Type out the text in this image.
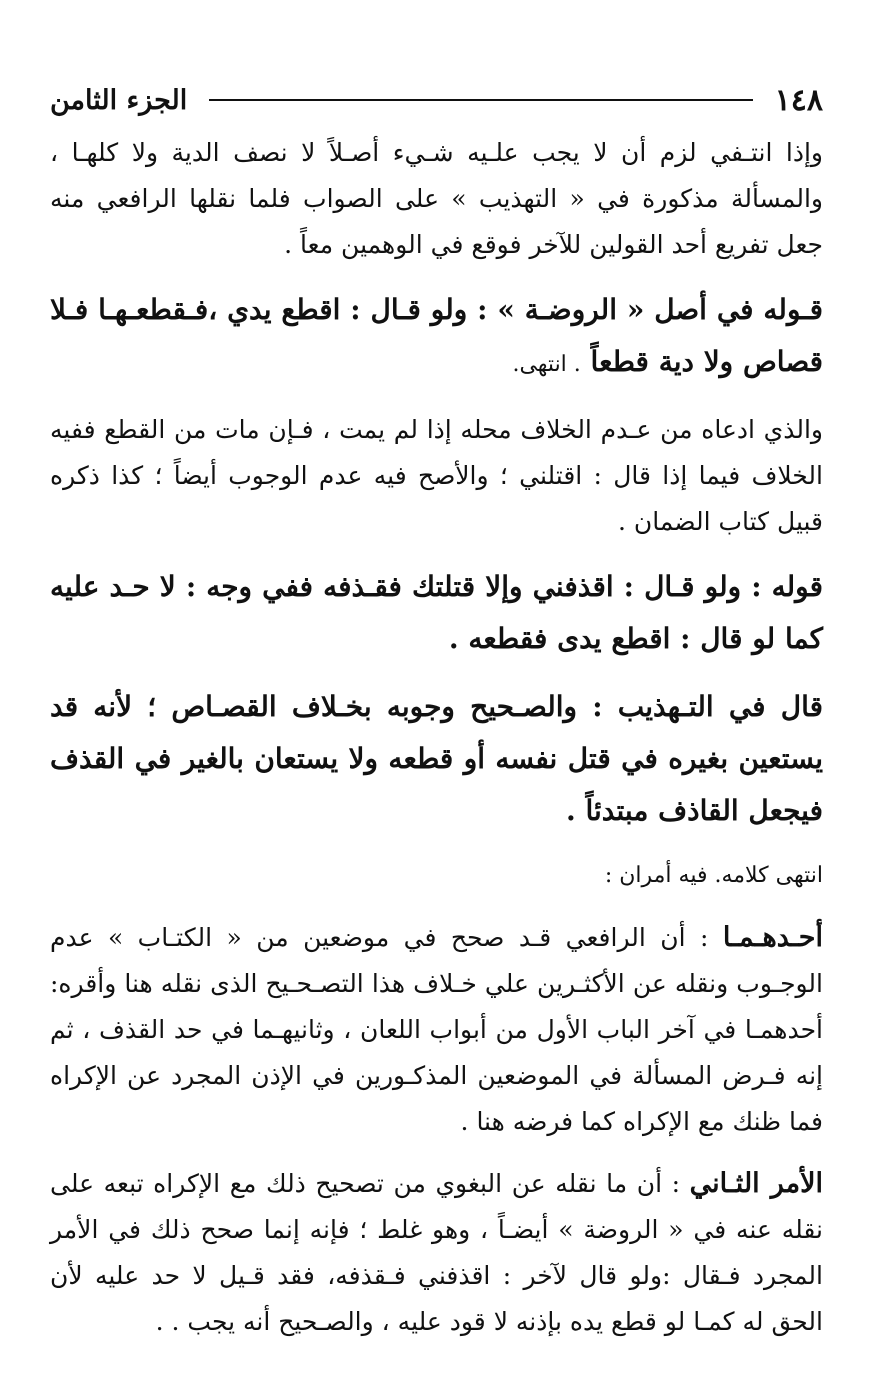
١٤٨
الجزء الثامن

وإذا انتـفي لزم أن لا يجب علـيه شـيء أصـلاً لا نصف الدية ولا كلهـا ، والمسألة مذكورة في « التهذيب » على الصواب فلما نقلها الرافعي منه جعل تفريع أحد القولين للآخر فوقع في الوهمين معاً .

قـوله في أصل « الروضـة » : ولو قـال : اقطع يدي ،فـقطعـهـا فـلا قصاص ولا دية قطعاً . انتهى.

والذي ادعاه من عـدم الخلاف محله إذا لم يمت ، فـإن مات من القطع ففيه الخلاف فيما إذا قال : اقتلني ؛ والأصح فيه عدم الوجوب أيضاً ؛ كذا ذكره قبيل كتاب الضمان .

قوله : ولو قـال : اقذفني وإلا قتلتك فقـذفه ففي وجه : لا حـد عليه كما لو قال : اقطع يدى فقطعه .

قال في التـهذيب : والصـحيح وجوبه بخـلاف القصـاص ؛ لأنه قد يستعين بغيره في قتل نفسه أو قطعه ولا يستعان بالغير في القذف فيجعل القاذف مبتدئاً .

انتهى كلامه. فيه أمران :

أحـدهـمـا : أن الرافعي قـد صحح في موضعين من « الكتـاب » عدم الوجـوب ونقله عن الأكثـرين علي خـلاف هذا التصـحـيح الذى نقله هنا وأقره: أحدهمـا في آخر الباب الأول من أبواب اللعان ، وثانيهـما في حد القذف ، ثم إنه فـرض المسألة في الموضعين المذكـورين في الإذن المجرد عن الإكراه فما ظنك مع الإكراه كما فرضه هنا .

الأمر الثـاني : أن ما نقله عن البغوي من تصحيح ذلك مع الإكراه تبعه على نقله عنه في « الروضة » أيضـاً ، وهو غلط ؛ فإنه إنما صحح ذلك في الأمر المجرد فـقال :ولو قال لآخر : اقذفني فـقذفه، فقد قـيل لا حد عليه لأن الحق له كمـا لو قطع يده بإذنه لا قود عليه ، والصـحيح أنه يجب . .
